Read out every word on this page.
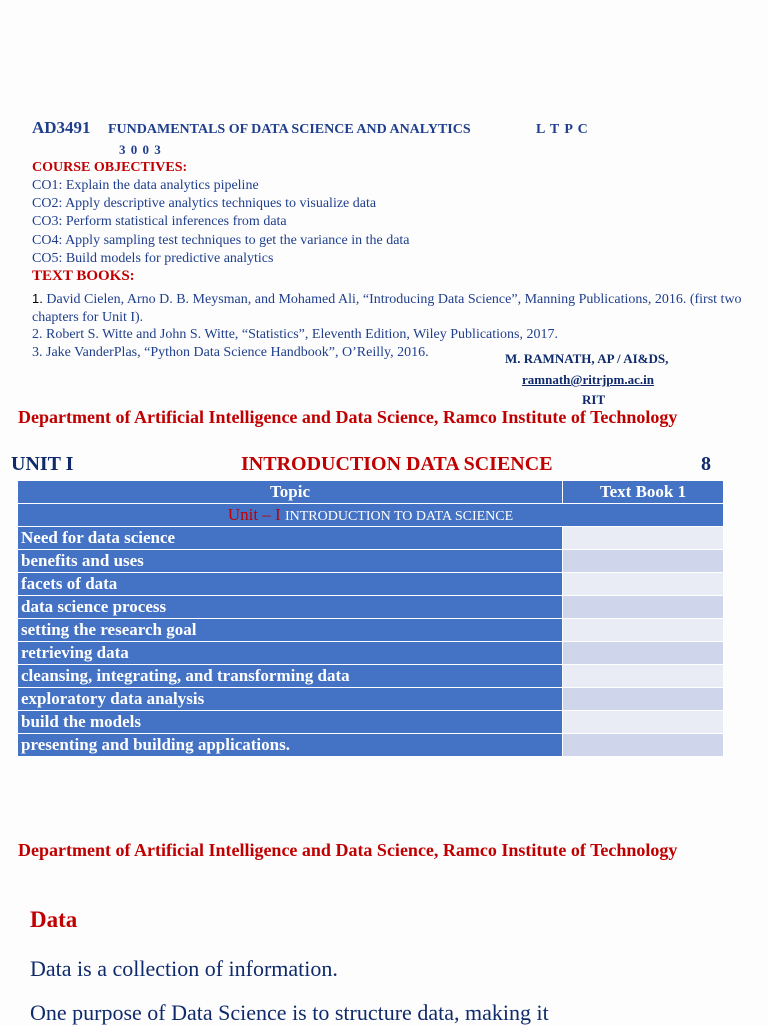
AD3491 FUNDAMENTALS OF DATA SCIENCE AND ANALYTICS	L T P C
3 0 0 3
COURSE OBJECTIVES:
CO1: Explain the data analytics pipeline
CO2: Apply descriptive analytics techniques to visualize data
CO3: Perform statistical inferences from data
CO4: Apply sampling test techniques to get the variance in the data
CO5: Build models for predictive analytics
TEXT BOOKS:
1. David Cielen, Arno D. B. Meysman, and Mohamed Ali, “Introducing Data Science”, Manning Publications, 2016. (first two chapters for Unit I).
2. Robert S. Witte and John S. Witte, “Statistics”, Eleventh Edition, Wiley Publications, 2017.
3. Jake VanderPlas, “Python Data Science Handbook”, O’Reilly, 2016.	M. RAMNATH, AP / AI&DS,
ramnath@ritrjpm.ac.in
RIT
Department of Artificial Intelligence and Data Science, Ramco Institute of Technology
UNIT I	INTRODUCTION DATA SCIENCE	8
Topic	Text Book 1
Unit – I INTRODUCTION TO DATA SCIENCE	
Need for data science	
benefits and uses	
facets of data	
data science process	
setting the research goal	
retrieving data	
cleansing, integrating, and transforming data	
exploratory data analysis	
build the models	
presenting and building applications.	
Department of Artificial Intelligence and Data Science, Ramco Institute of Technology
Data
Data is a collection of information.
One purpose of Data Science is to structure data, making it
